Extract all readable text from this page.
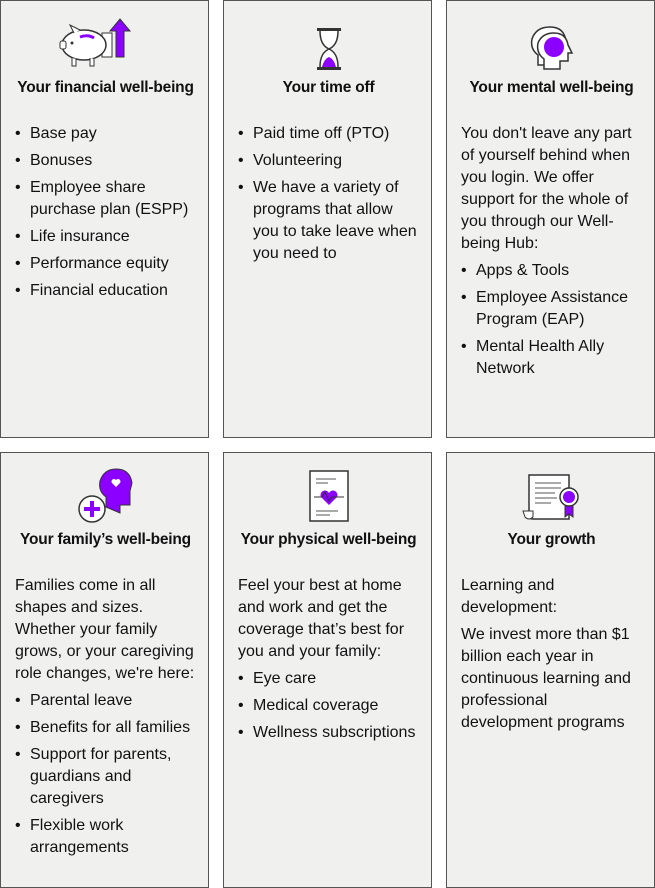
Your financial well-being
• Base pay
• Bonuses
• Employee share purchase plan (ESPP)
• Life insurance
• Performance equity
• Financial education
Your time off
• Paid time off (PTO)
• Volunteering
• We have a variety of programs that allow you to take leave when you need to
Your mental well-being

You don't leave any part of yourself behind when you login. We offer support for the whole of you through our Well-being Hub:

• Apps & Tools
• Employee Assistance Program (EAP)
• Mental Health Ally Network
Your family’s well-being

Families come in all shapes and sizes. Whether your family grows, or your caregiving role changes, we're here:

• Parental leave
• Benefits for all families
• Support for parents, guardians and caregivers
• Flexible work arrangements
Your physical well-being

Feel your best at home and work and get the coverage that’s best for you and your family:

• Eye care
• Medical coverage
• Wellness subscriptions
Your growth

Learning and development:

We invest more than $1 billion each year in continuous learning and professional development programs
